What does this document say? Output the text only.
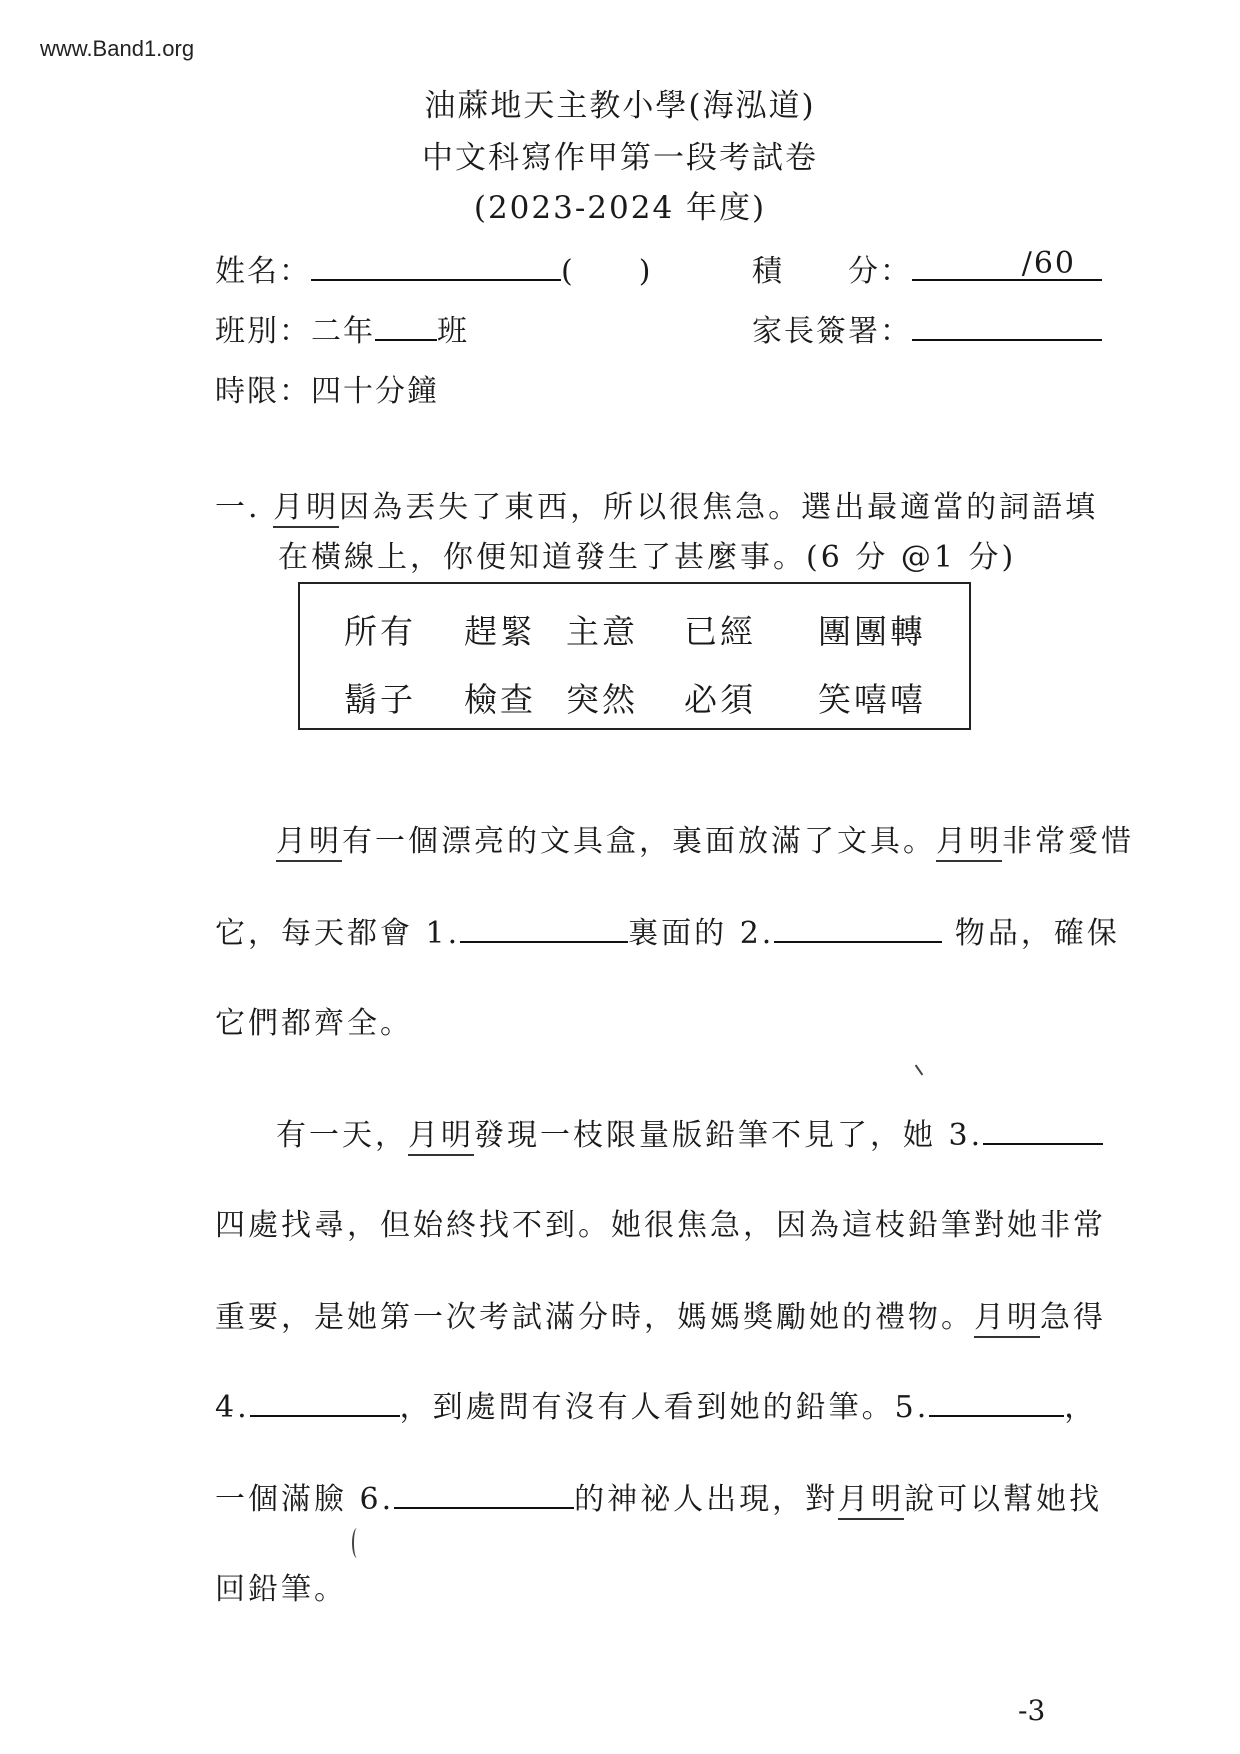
www.Band1.org
油蔴地天主教小學(海泓道)
中文科寫作甲第一段考試卷
(2023-2024 年度)
姓名：	(　　)	積　　分：	/60
班別：二年 班	家長簽署：
時限：四十分鐘
一. 月明因為丟失了東西，所以很焦急。選出最適當的詞語填
在橫線上，你便知道發生了甚麼事。(6 分 @1 分)
所有 趕緊 主意 已經 團團轉
鬍子 檢查 突然 必須 笑嘻嘻
月明有一個漂亮的文具盒，裏面放滿了文具。月明非常愛惜
它，每天都會 1.	裏面的 2.	物品，確保
它們都齊全。
有一天，月明發現一枝限量版鉛筆不見了，她 3.
四處找尋，但始終找不到。她很焦急，因為這枝鉛筆對她非常
重要，是她第一次考試滿分時，媽媽獎勵她的禮物。月明急得
4.	，到處問有沒有人看到她的鉛筆。5.	，
一個滿臉 6.	的神祕人出現，對月明說可以幫她找
回鉛筆。
-3
